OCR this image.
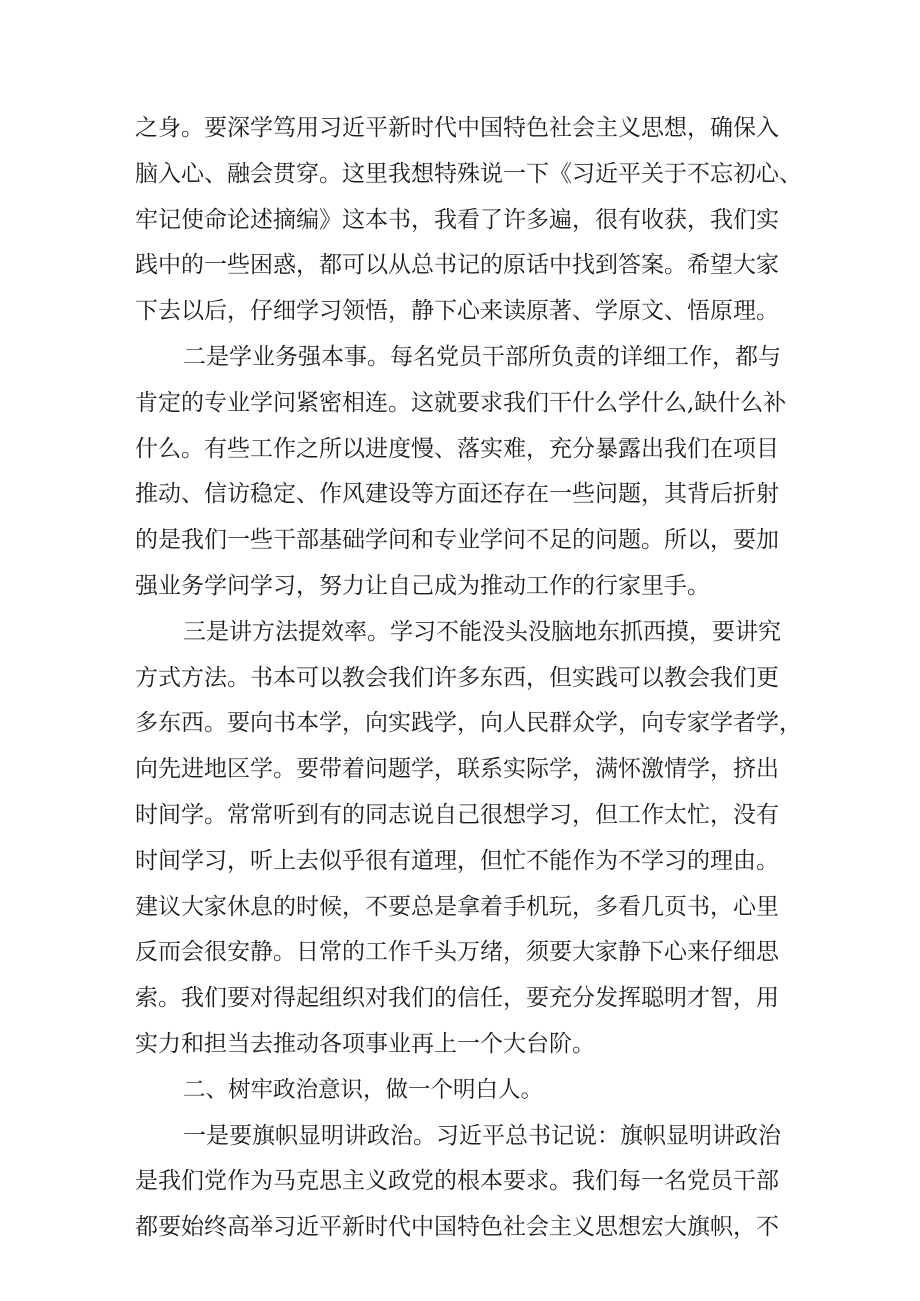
之身。要深学笃用习近平新时代中国特色社会主义思想，确保入
脑入心、融会贯穿。这里我想特殊说一下《习近平关于不忘初心、
牢记使命论述摘编》这本书，我看了许多遍，很有收获，我们实
践中的一些困惑，都可以从总书记的原话中找到答案。希望大家
下去以后，仔细学习领悟，静下心来读原著、学原文、悟原理。
二是学业务强本事。每名党员干部所负责的详细工作，都与
肯定的专业学问紧密相连。这就要求我们干什么学什么,缺什么补
什么。有些工作之所以进度慢、落实难，充分暴露出我们在项目
推动、信访稳定、作风建设等方面还存在一些问题，其背后折射
的是我们一些干部基础学问和专业学问不足的问题。所以，要加
强业务学问学习，努力让自己成为推动工作的行家里手。
三是讲方法提效率。学习不能没头没脑地东抓西摸，要讲究
方式方法。书本可以教会我们许多东西，但实践可以教会我们更
多东西。要向书本学，向实践学，向人民群众学，向专家学者学，
向先进地区学。要带着问题学，联系实际学，满怀激情学，挤出
时间学。常常听到有的同志说自己很想学习，但工作太忙，没有
时间学习，听上去似乎很有道理，但忙不能作为不学习的理由。
建议大家休息的时候，不要总是拿着手机玩，多看几页书，心里
反而会很安静。日常的工作千头万绪，须要大家静下心来仔细思
索。我们要对得起组织对我们的信任，要充分发挥聪明才智，用
实力和担当去推动各项事业再上一个大台阶。
二、树牢政治意识，做一个明白人。
一是要旗帜显明讲政治。习近平总书记说：旗帜显明讲政治
是我们党作为马克思主义政党的根本要求。我们每一名党员干部
都要始终高举习近平新时代中国特色社会主义思想宏大旗帜，不
